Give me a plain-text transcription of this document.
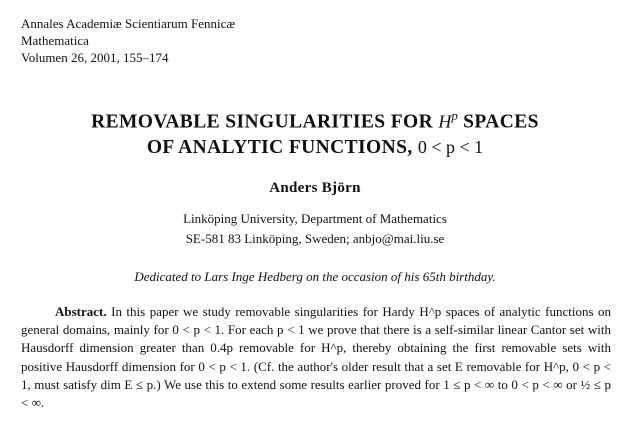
Annales Academiæ Scientiarum Fennicæ
Mathematica
Volumen 26, 2001, 155–174
REMOVABLE SINGULARITIES FOR $H^p$ SPACES
OF ANALYTIC FUNCTIONS, 0 < p < 1
Anders Björn
Linköping University, Department of Mathematics
SE-581 83 Linköping, Sweden; anbjo@mai.liu.se
Dedicated to Lars Inge Hedberg on the occasion of his 65th birthday.
Abstract. In this paper we study removable singularities for Hardy H^p spaces of analytic functions on general domains, mainly for 0 < p < 1. For each p < 1 we prove that there is a self-similar linear Cantor set with Hausdorff dimension greater than 0.4p removable for H^p, thereby obtaining the first removable sets with positive Hausdorff dimension for 0 < p < 1. (Cf. the author's older result that a set E removable for H^p, 0 < p < 1, must satisfy dim E ≤ p.) We use this to extend some results earlier proved for 1 ≤ p < ∞ to 0 < p < ∞ or ½ ≤ p < ∞.
